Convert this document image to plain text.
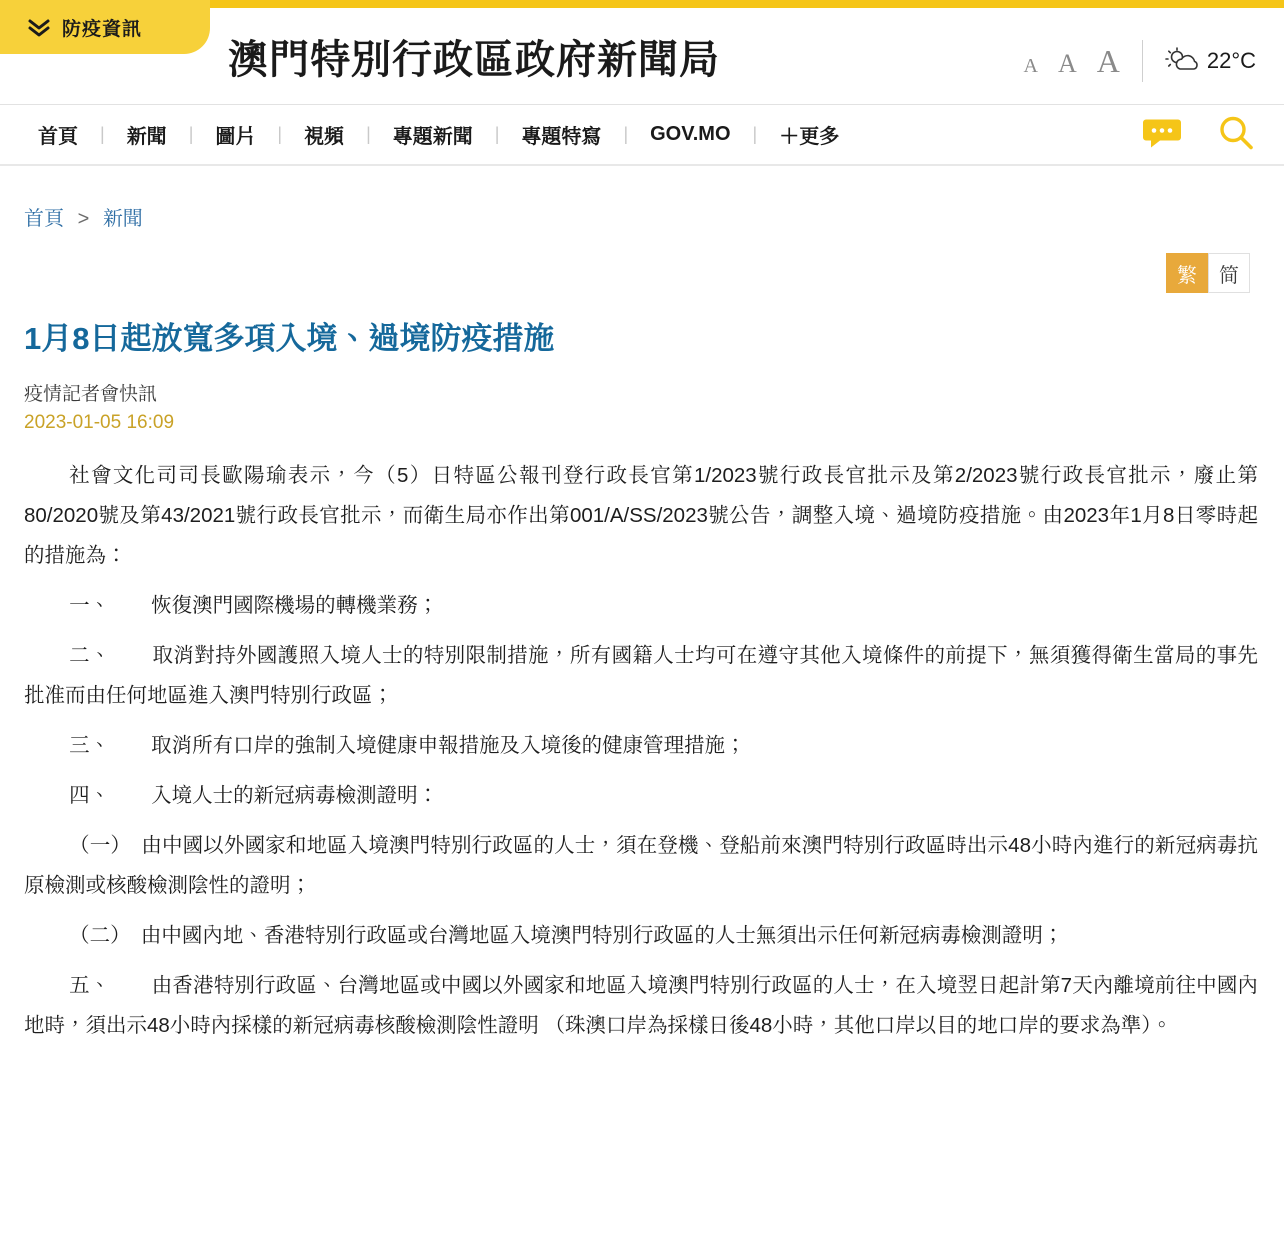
防疫資訊
澳門特別行政區政府新聞局	A A A	22°C
首頁	|	新聞	|	圖片	|	視頻	|	專題新聞	|	專題特寫	|	GOV.MO	|	＋更多
首頁 > 新聞
繁	简
1月8日起放寬多項入境、過境防疫措施
疫情記者會快訊
2023-01-05 16:09

社會文化司司長歐陽瑜表示，今（5）日特區公報刊登行政長官第1/2023號行政長官批示及第2/2023號行政長官批示，廢止第80/2020號及第43/2021號行政長官批示，而衛生局亦作出第001/A/SS/2023號公告，調整入境、過境防疫措施。由2023年1月8日零時起的措施為：

一、　　恢復澳門國際機場的轉機業務；

二、　　取消對持外國護照入境人士的特別限制措施，所有國籍人士均可在遵守其他入境條件的前提下，無須獲得衛生當局的事先批准而由任何地區進入澳門特別行政區；

三、　　取消所有口岸的強制入境健康申報措施及入境後的健康管理措施；

四、　　入境人士的新冠病毒檢測證明：

（一）　由中國以外國家和地區入境澳門特別行政區的人士，須在登機、登船前來澳門特別行政區時出示48小時內進行的新冠病毒抗原檢測或核酸檢測陰性的證明；

（二）　由中國內地、香港特別行政區或台灣地區入境澳門特別行政區的人士無須出示任何新冠病毒檢測證明；

五、　　由香港特別行政區、台灣地區或中國以外國家和地區入境澳門特別行政區的人士，在入境翌日起計第7天內離境前往中國內地時，須出示48小時內採樣的新冠病毒核酸檢測陰性證明 （珠澳口岸為採樣日後48小時，其他口岸以目的地口岸的要求為準）。
